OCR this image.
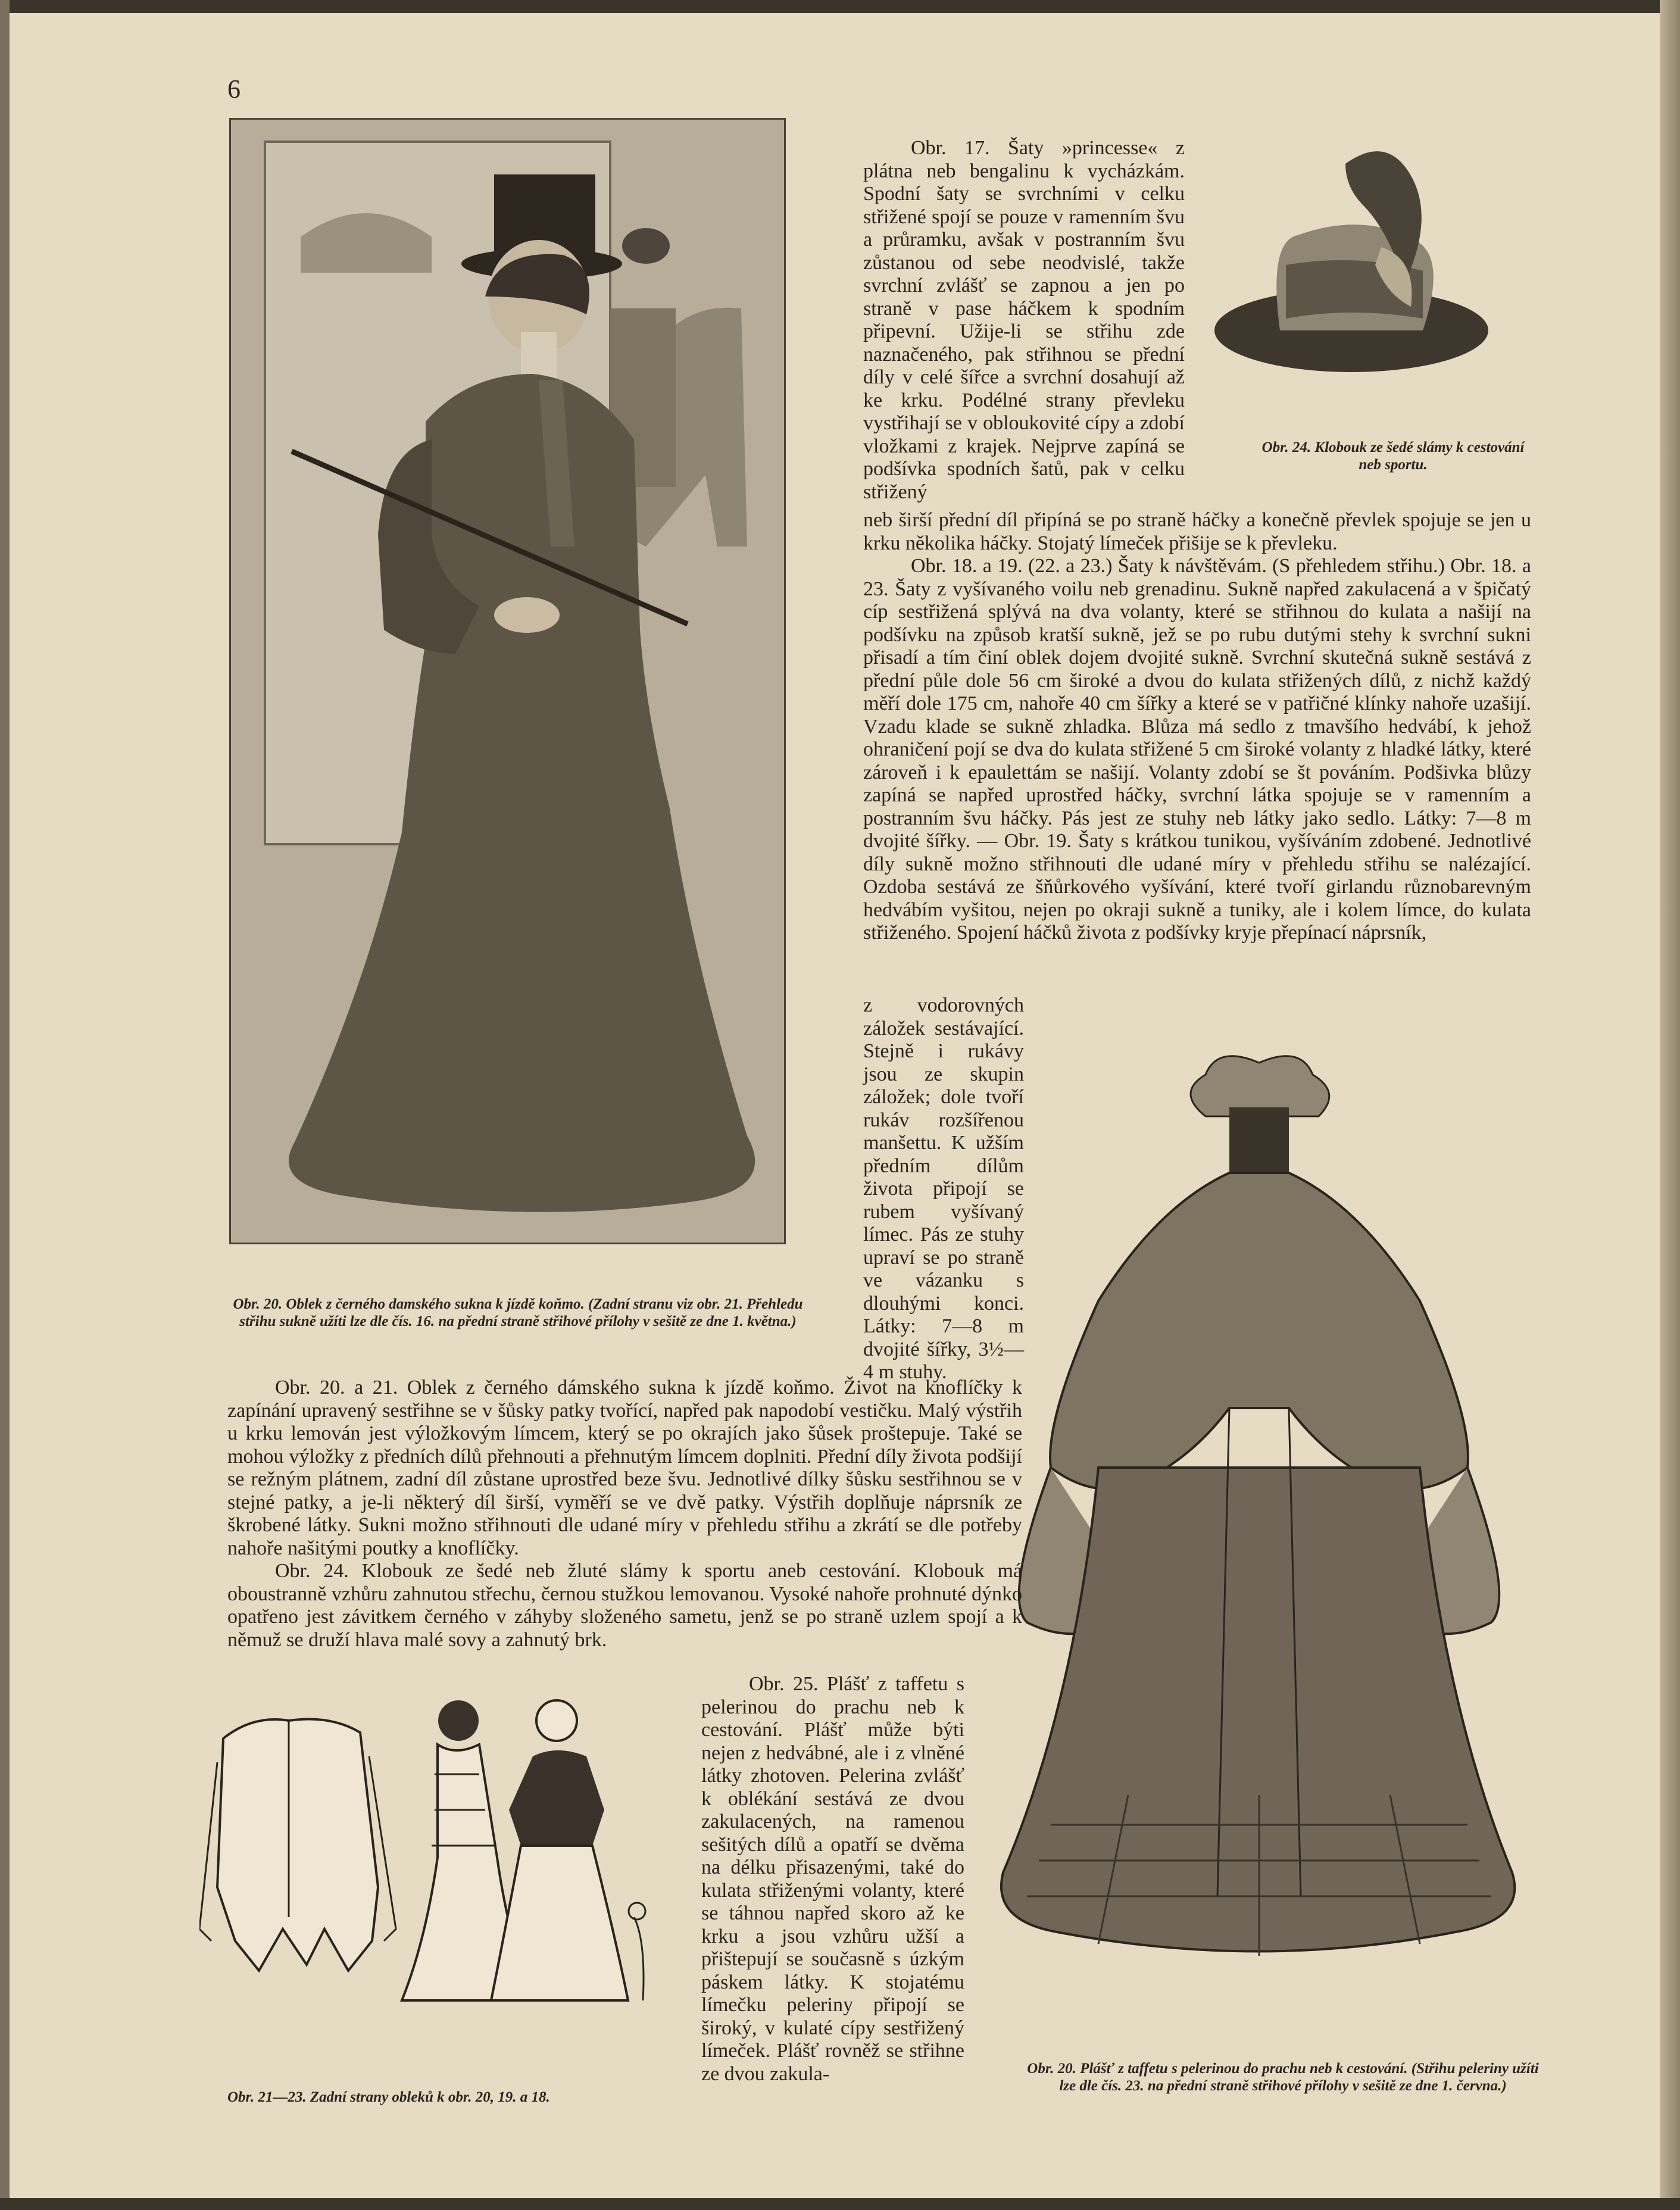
6
Obr. 20. Oblek z černého damského sukna k jízdě koňmo. (Zadní stranu viz obr. 21. Přehledu střihu sukně užíti lze dle čís. 16. na přední straně střihové přílohy v sešitě ze dne 1. května.)
Obr. 24. Klobouk ze šedé slámy k cestování neb sportu.
Obr. 21—23. Zadní strany obleků k obr. 20, 19. a 18.
Obr. 20. Plášť z taffetu s pelerinou do prachu neb k cestování. (Střihu peleriny užíti lze dle čís. 23. na přední straně střihové přílohy v sešitě ze dne 1. června.)

Obr. 17. Šaty »princesse« z plátna neb bengalinu k vycházkám. Spodní šaty se svrchními v celku střižené spojí se pouze v ramenním švu a průramku, avšak v postranním švu zůstanou od sebe neodvislé, takže svrchní zvlášť se zapnou a jen po straně v pase háčkem k spodním připevní. Užije-li se střihu zde naznačeného, pak střihnou se přední díly v celé šířce a svrchní dosahují až ke krku. Podélné strany převleku vystřihají se v obloukovité cípy a zdobí vložkami z krajek. Nejprve zapíná se podšívka spodních šatů, pak v celku střižený

neb širší přední díl připíná se po straně háčky a konečně převlek spojuje se jen u krku několika háčky. Stojatý límeček přišije se k převleku.

Obr. 18. a 19. (22. a 23.) Šaty k návštěvám. (S přehledem střihu.) Obr. 18. a 23. Šaty z vyšívaného voilu neb grenadinu. Sukně napřed zakulacená a v špičatý cíp sestřižená splývá na dva volanty, které se střihnou do kulata a našijí na podšívku na způsob kratší sukně, jež se po rubu dutými stehy k svrchní sukni přisadí a tím činí oblek dojem dvojité sukně. Svrchní skutečná sukně sestává z přední půle dole 56 cm široké a dvou do kulata střižených dílů, z nichž každý měří dole 175 cm, nahoře 40 cm šířky a které se v patřičné klínky nahoře uzašijí. Vzadu klade se sukně zhladka. Blůza má sedlo z tmavšího hedvábí, k jehož ohraničení pojí se dva do kulata střižené 5 cm široké volanty z hladké látky, které zároveň i k epaulettám se našijí. Volanty zdobí se št pováním. Podšivka blůzy zapíná se napřed uprostřed háčky, svrchní látka spojuje se v ramenním a postranním švu háčky. Pás jest ze stuhy neb látky jako sedlo. Látky: 7—8 m dvojité šířky. — Obr. 19. Šaty s krátkou tunikou, vyšíváním zdobené. Jednotlivé díly sukně možno střihnouti dle udané míry v přehledu střihu se nalézající. Ozdoba sestává ze šňůrkového vyšívání, které tvoří girlandu různobarevným hedvábím vyšitou, nejen po okraji sukně a tuniky, ale i kolem límce, do kulata střiženého. Spojení háčků života z podšívky kryje přepínací náprsník,

z vodorovných záložek sestávající. Stejně i rukávy jsou ze skupin záložek; dole tvoří rukáv rozšířenou manšettu. K užším předním dílům života připojí se rubem vyšívaný límec. Pás ze stuhy upraví se po straně ve vázanku s dlouhými konci. Látky: 7—8 m dvojité šířky, 3½—4 m stuhy.

Obr. 20. a 21. Oblek z černého dámského sukna k jízdě koňmo. Život na knoflíčky k zapínání upravený sestřihne se v šůsky patky tvořící, napřed pak napodobí vestičku. Malý výstřih u krku lemován jest výložkovým límcem, který se po okrajích jako šůsek proštepuje. Také se mohou výložky z předních dílů přehnouti a přehnutým límcem doplniti. Přední díly života podšijí se režným plátnem, zadní díl zůstane uprostřed beze švu. Jednotlivé dílky šůsku sestřihnou se v stejné patky, a je-li některý díl širší, vyměří se ve dvě patky. Výstřih doplňuje náprsník ze škrobené látky. Sukni možno střihnouti dle udané míry v přehledu střihu a zkrátí se dle potřeby nahoře našitými poutky a knoflíčky.

Obr. 24. Klobouk ze šedé neb žluté slámy k sportu aneb cestování. Klobouk má oboustranně vzhůru zahnutou střechu, černou stužkou lemovanou. Vysoké nahoře prohnuté dýnko opatřeno jest závitkem černého v záhyby složeného sametu, jenž se po straně uzlem spojí a k němuž se druží hlava malé sovy a zahnutý brk.

Obr. 25. Plášť z taffetu s pelerinou do prachu neb k cestování. Plášť může býti nejen z hedvábné, ale i z vlněné látky zhotoven. Pelerina zvlášť k oblékání sestává ze dvou zakulacených, na ramenou sešitých dílů a opatří se dvěma na délku přisazenými, také do kulata střiženými volanty, které se táhnou napřed skoro až ke krku a jsou vzhůru užší a přištepují se současně s úzkým páskem látky. K stojatému límečku peleriny připojí se široký, v kulaté cípy sestřižený límeček. Plášť rovněž se střihne ze dvou zakula-
